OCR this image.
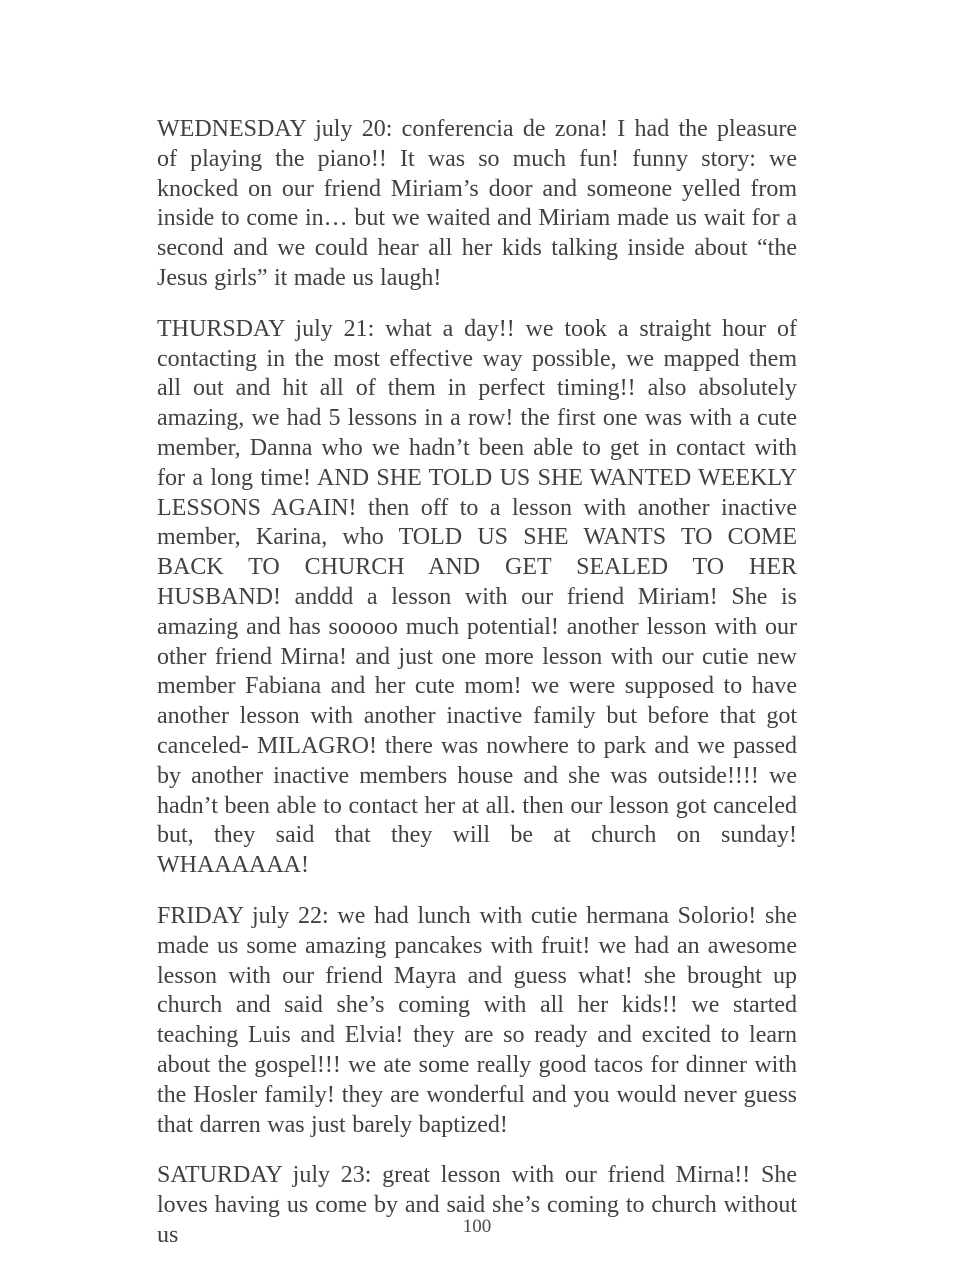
WEDNESDAY july 20: conferencia de zona! I had the pleasure of playing the piano!! It was so much fun! funny story: we knocked on our friend Miriam’s door and someone yelled from inside to come in… but we waited and Miriam made us wait for a second and we could hear all her kids talking inside about “the Jesus girls” it made us laugh!

THURSDAY july 21: what a day!! we took a straight hour of contacting in the most effective way possible, we mapped them all out and hit all of them in perfect timing!! also absolutely amazing, we had 5 lessons in a row! the first one was with a cute member, Danna who we hadn’t been able to get in contact with for a long time! AND SHE TOLD US SHE WANTED WEEKLY LESSONS AGAIN! then off to a lesson with another inactive member, Karina, who TOLD US SHE WANTS TO COME BACK TO CHURCH AND GET SEALED TO HER HUSBAND! anddd a lesson with our friend Miriam! She is amazing and has sooooo much potential! another lesson with our other friend Mirna! and just one more lesson with our cutie new member Fabiana and her cute mom! we were supposed to have another lesson with another inactive family but before that got canceled- MILAGRO! there was nowhere to park and we passed by another inactive members house and she was outside!!!! we hadn’t been able to contact her at all. then our lesson got canceled but, they said that they will be at church on sunday! WHAAAAAA!

FRIDAY july 22: we had lunch with cutie hermana Solorio! she made us some amazing pancakes with fruit! we had an awesome lesson with our friend Mayra and guess what! she brought up church and said she’s coming with all her kids!! we started teaching Luis and Elvia! they are so ready and excited to learn about the gospel!!! we ate some really good tacos for dinner with the Hosler family! they are wonderful and you would never guess that darren was just barely baptized!

SATURDAY july 23: great lesson with our friend Mirna!! She loves having us come by and said she’s coming to church without us	100
